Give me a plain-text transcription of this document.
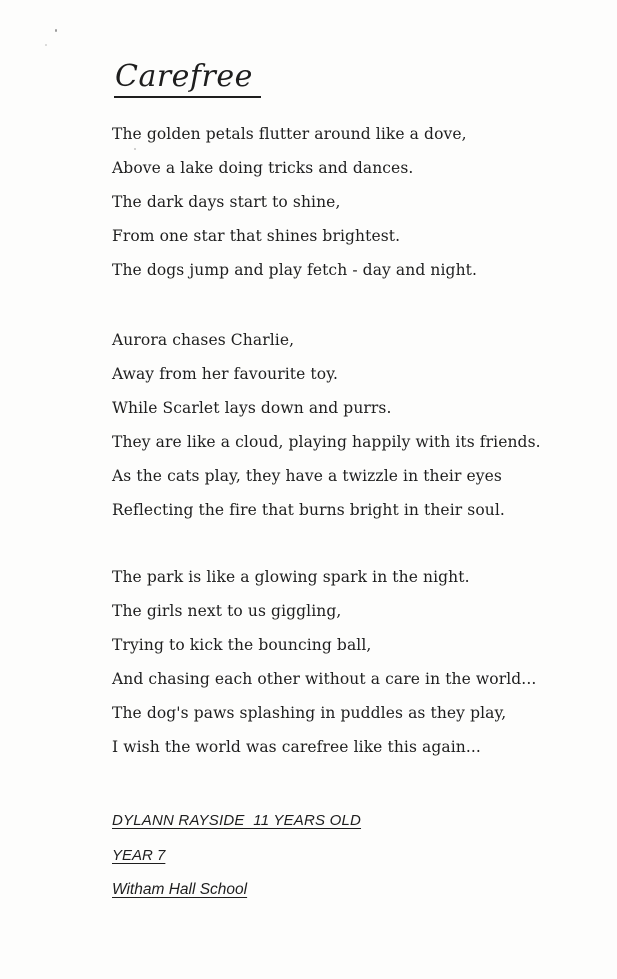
Carefree
The golden petals flutter around like a dove,
Above a lake doing tricks and dances.
The dark days start to shine,
From one star that shines brightest.
The dogs jump and play fetch - day and night.
Aurora chases Charlie,
Away from her favourite toy.
While Scarlet lays down and purrs.
They are like a cloud, playing happily with its friends.
As the cats play, they have a twizzle in their eyes
Reflecting the fire that burns bright in their soul.
The park is like a glowing spark in the night.
The girls next to us giggling,
Trying to kick the bouncing ball,
And chasing each other without a care in the world...
The dog's paws splashing in puddles as they play,
I wish the world was carefree like this again...
DYLANN RAYSIDE  11 YEARS OLD
YEAR 7
Witham Hall School
